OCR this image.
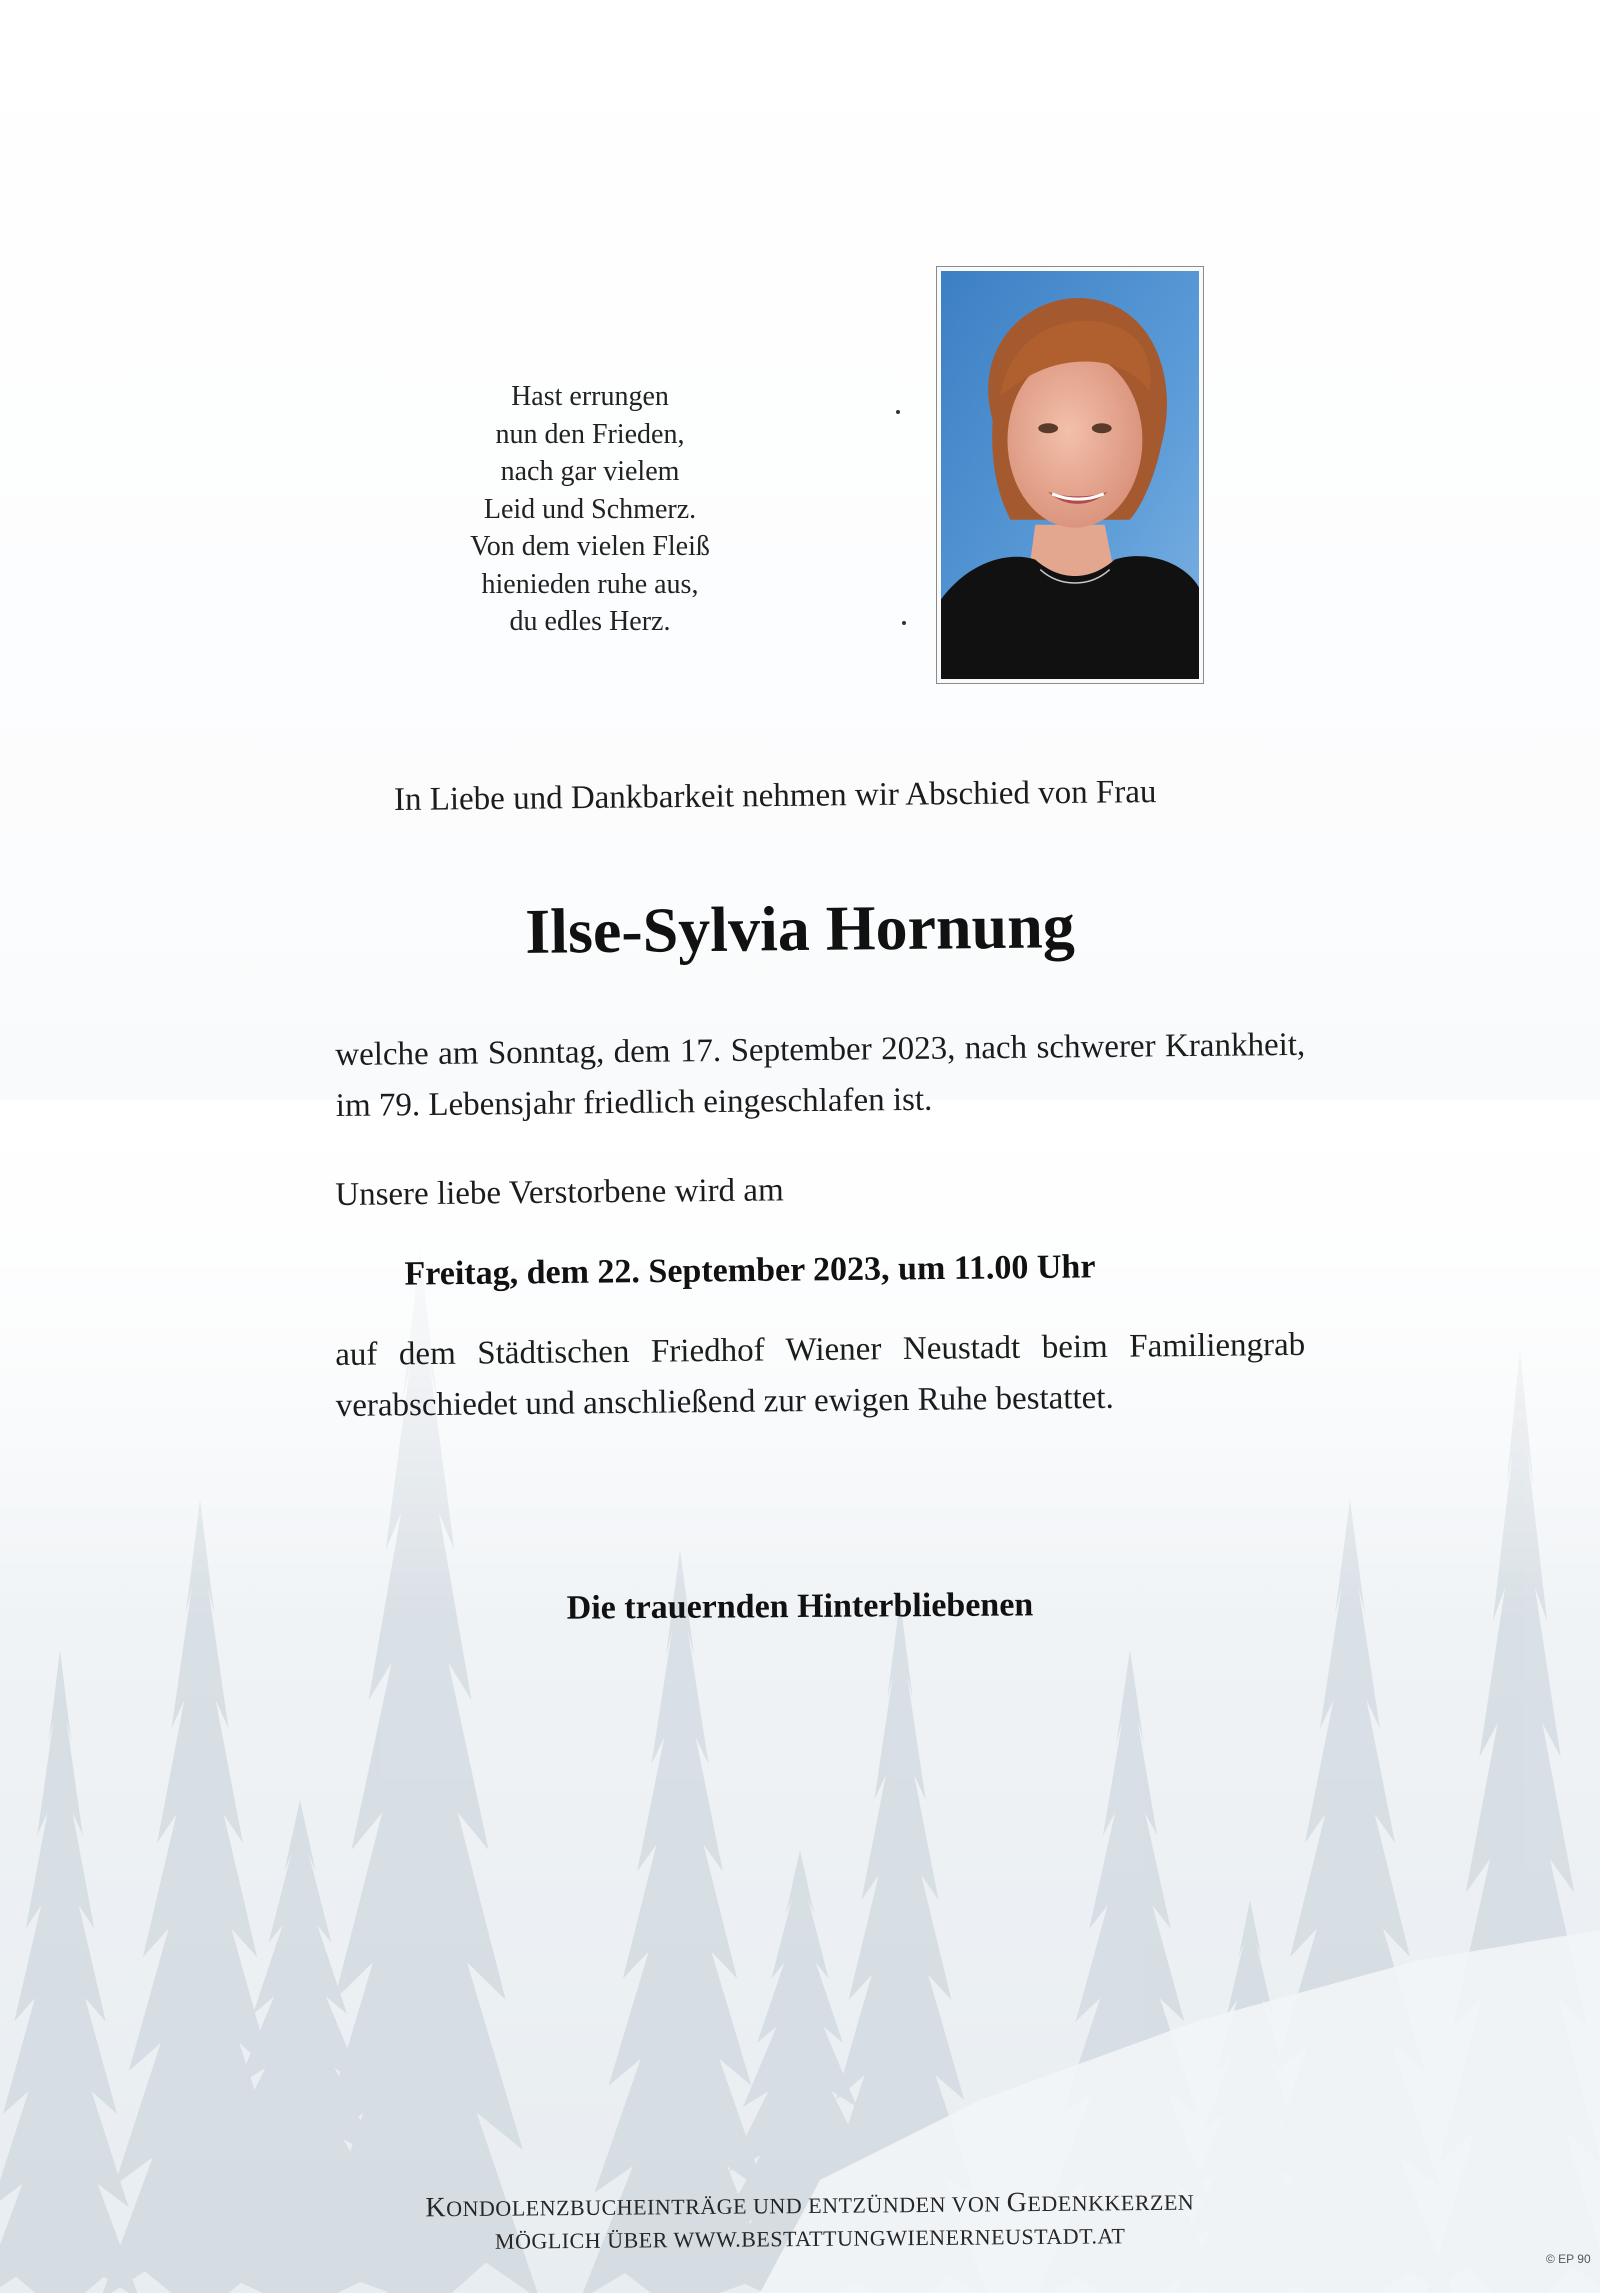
Hast errungen
nun den Frieden,
nach gar vielem
Leid und Schmerz.
Von dem vielen Fleiß
hienieden ruhe aus,
du edles Herz.
In Liebe und Dankbarkeit nehmen wir Abschied von Frau
Ilse-Sylvia Hornung
welche am Sonntag, dem 17. September 2023, nach schwerer Krankheit, im 79. Lebensjahr friedlich eingeschlafen ist.
Unsere liebe Verstorbene wird am
Freitag, dem 22. September 2023, um 11.00 Uhr
auf dem Städtischen Friedhof Wiener Neustadt beim Familiengrab verabschiedet und anschließend zur ewigen Ruhe bestattet.
Die trauernden Hinterbliebenen
KONDOLENZBUCHEINTRÄGE UND ENTZÜNDEN VON GEDENKKERZEN
MÖGLICH ÜBER WWW.BESTATTUNGWIENERNEUSTADT.AT
© EP 90
